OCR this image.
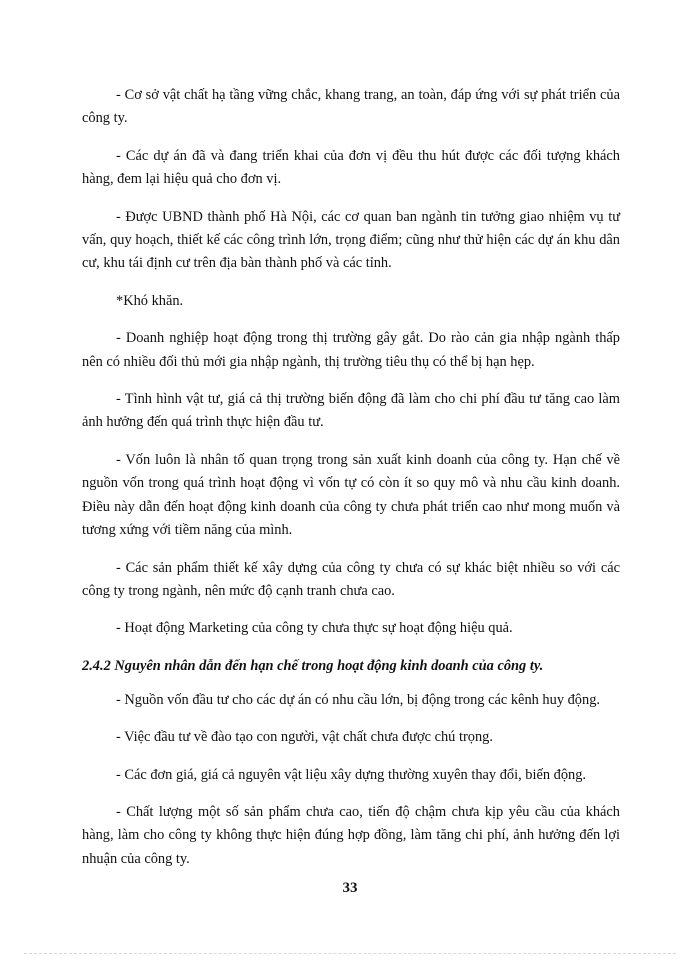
- Cơ sở vật chất hạ tầng vững chắc, khang trang, an toàn, đáp ứng với sự phát triển của công ty.

- Các dự án đã và đang triển khai của đơn vị đều thu hút được các đối tượng khách hàng, đem lại hiệu quả cho đơn vị.

- Được UBND thành phố Hà Nội, các cơ quan ban ngành tin tưởng giao nhiệm vụ tư vấn, quy hoạch, thiết kế các công trình lớn, trọng điểm; cũng như thử hiện các dự án khu dân cư, khu tái định cư trên địa bàn thành phố và các tỉnh.

*Khó khăn.

- Doanh nghiệp hoạt động trong thị trường gây gắt. Do rào cản gia nhập ngành thấp nên có nhiều đối thủ mới gia nhập ngành, thị trường tiêu thụ có thể bị hạn hẹp.

- Tình hình vật tư, giá cả thị trường biến động đã làm cho chi phí đầu tư tăng cao làm ảnh hưởng đến quá trình thực hiện đầu tư.

- Vốn luôn là nhân tố quan trọng trong sản xuất kinh doanh của công ty. Hạn chế về nguồn vốn trong quá trình hoạt động vì vốn tự có còn ít so quy mô và nhu cầu kinh doanh. Điều này dẫn đến hoạt động kinh doanh của công ty chưa phát triển cao như mong muốn và tương xứng với tiềm năng của mình.

- Các sản phẩm thiết kế xây dựng của công ty chưa có sự khác biệt nhiều so với các công ty trong ngành, nên mức độ cạnh tranh chưa cao.

- Hoạt động Marketing của công ty chưa thực sự hoạt động hiệu quả.

2.4.2 Nguyên nhân dẫn đến hạn chế trong hoạt động kinh doanh của công ty.

- Nguồn vốn đầu tư cho các dự án có nhu cầu lớn, bị động trong các kênh huy động.

- Việc đầu tư về đào tạo con người, vật chất chưa được chú trọng.

- Các đơn giá, giá cả nguyên vật liệu xây dựng thường xuyên thay đổi, biến động.

- Chất lượng một số sản phẩm chưa cao, tiến độ chậm chưa kịp yêu cầu của khách hàng, làm cho công ty không thực hiện đúng hợp đồng, làm tăng chi phí, ảnh hưởng đến lợi nhuận của công ty.

33
